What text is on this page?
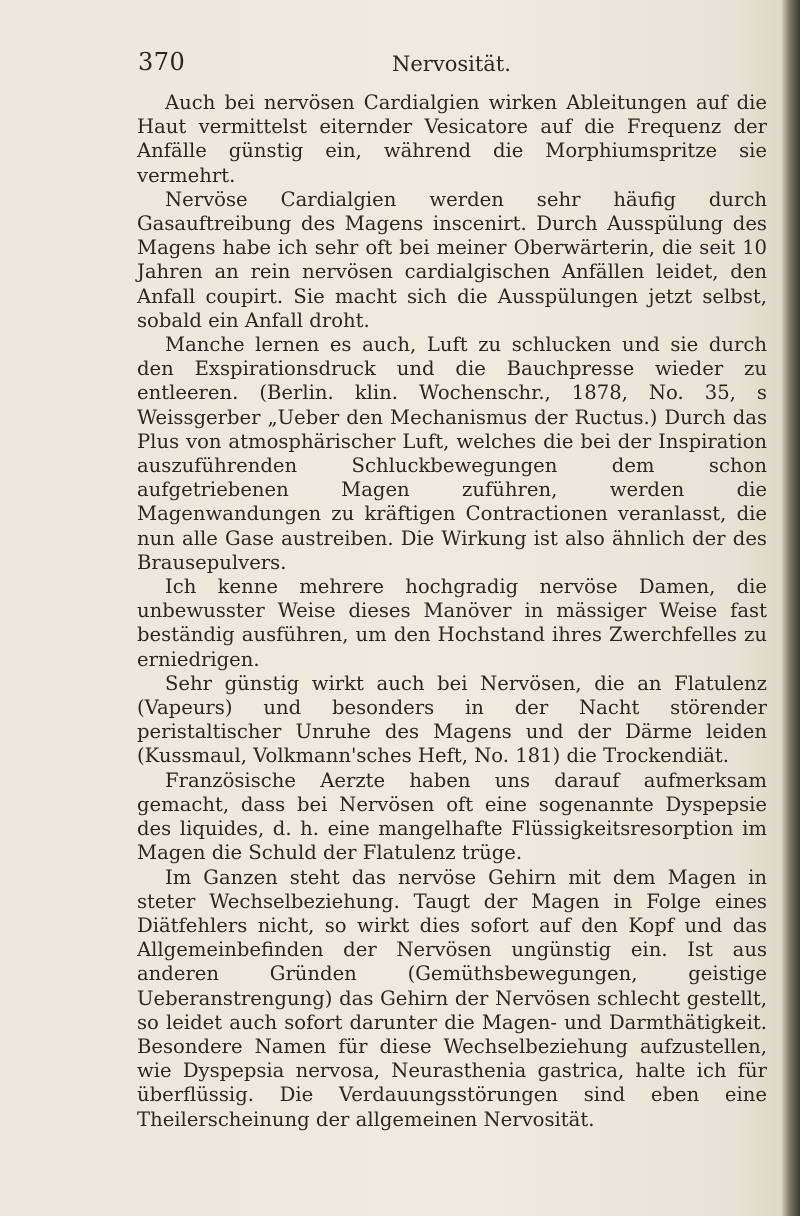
370	Nervosität.

Auch bei nervösen Cardialgien wirken Ableitungen auf die Haut vermittelst eiternder Vesicatore auf die Frequenz der Anfälle günstig ein, während die Morphiumspritze sie vermehrt.

Nervöse Cardialgien werden sehr häufig durch Gasauftreibung des Magens inscenirt. Durch Ausspülung des Magens habe ich sehr oft bei meiner Oberwärterin, die seit 10 Jahren an rein nervösen cardialgischen Anfällen leidet, den Anfall coupirt. Sie macht sich die Ausspülungen jetzt selbst, sobald ein Anfall droht.

Manche lernen es auch, Luft zu schlucken und sie durch den Exspirationsdruck und die Bauchpresse wieder zu entleeren. (Berlin. klin. Wochenschr., 1878, No. 35, s Weissgerber „Ueber den Mechanismus der Ructus.) Durch das Plus von atmosphärischer Luft, welches die bei der Inspiration auszuführenden Schluckbewegungen dem schon aufgetriebenen Magen zuführen, werden die Magenwandungen zu kräftigen Contractionen veranlasst, die nun alle Gase austreiben. Die Wirkung ist also ähnlich der des Brausepulvers.

Ich kenne mehrere hochgradig nervöse Damen, die unbewusster Weise dieses Manöver in mässiger Weise fast beständig ausführen, um den Hochstand ihres Zwerchfelles zu erniedrigen.

Sehr günstig wirkt auch bei Nervösen, die an Flatulenz (Vapeurs) und besonders in der Nacht störender peristaltischer Unruhe des Magens und der Därme leiden (Kussmaul, Volkmann'sches Heft, No. 181) die Trockendiät.

Französische Aerzte haben uns darauf aufmerksam gemacht, dass bei Nervösen oft eine sogenannte Dyspepsie des liquides, d. h. eine mangelhafte Flüssigkeitsresorption im Magen die Schuld der Flatulenz trüge.

Im Ganzen steht das nervöse Gehirn mit dem Magen in steter Wechselbeziehung. Taugt der Magen in Folge eines Diätfehlers nicht, so wirkt dies sofort auf den Kopf und das Allgemeinbefinden der Nervösen ungünstig ein. Ist aus anderen Gründen (Gemüthsbewegungen, geistige Ueberanstrengung) das Gehirn der Nervösen schlecht gestellt, so leidet auch sofort darunter die Magen- und Darmthätigkeit. Besondere Namen für diese Wechselbeziehung aufzustellen, wie Dyspepsia nervosa, Neurasthenia gastrica, halte ich für überflüssig. Die Verdauungsstörungen sind eben eine Theilerscheinung der allgemeinen Nervosität.
